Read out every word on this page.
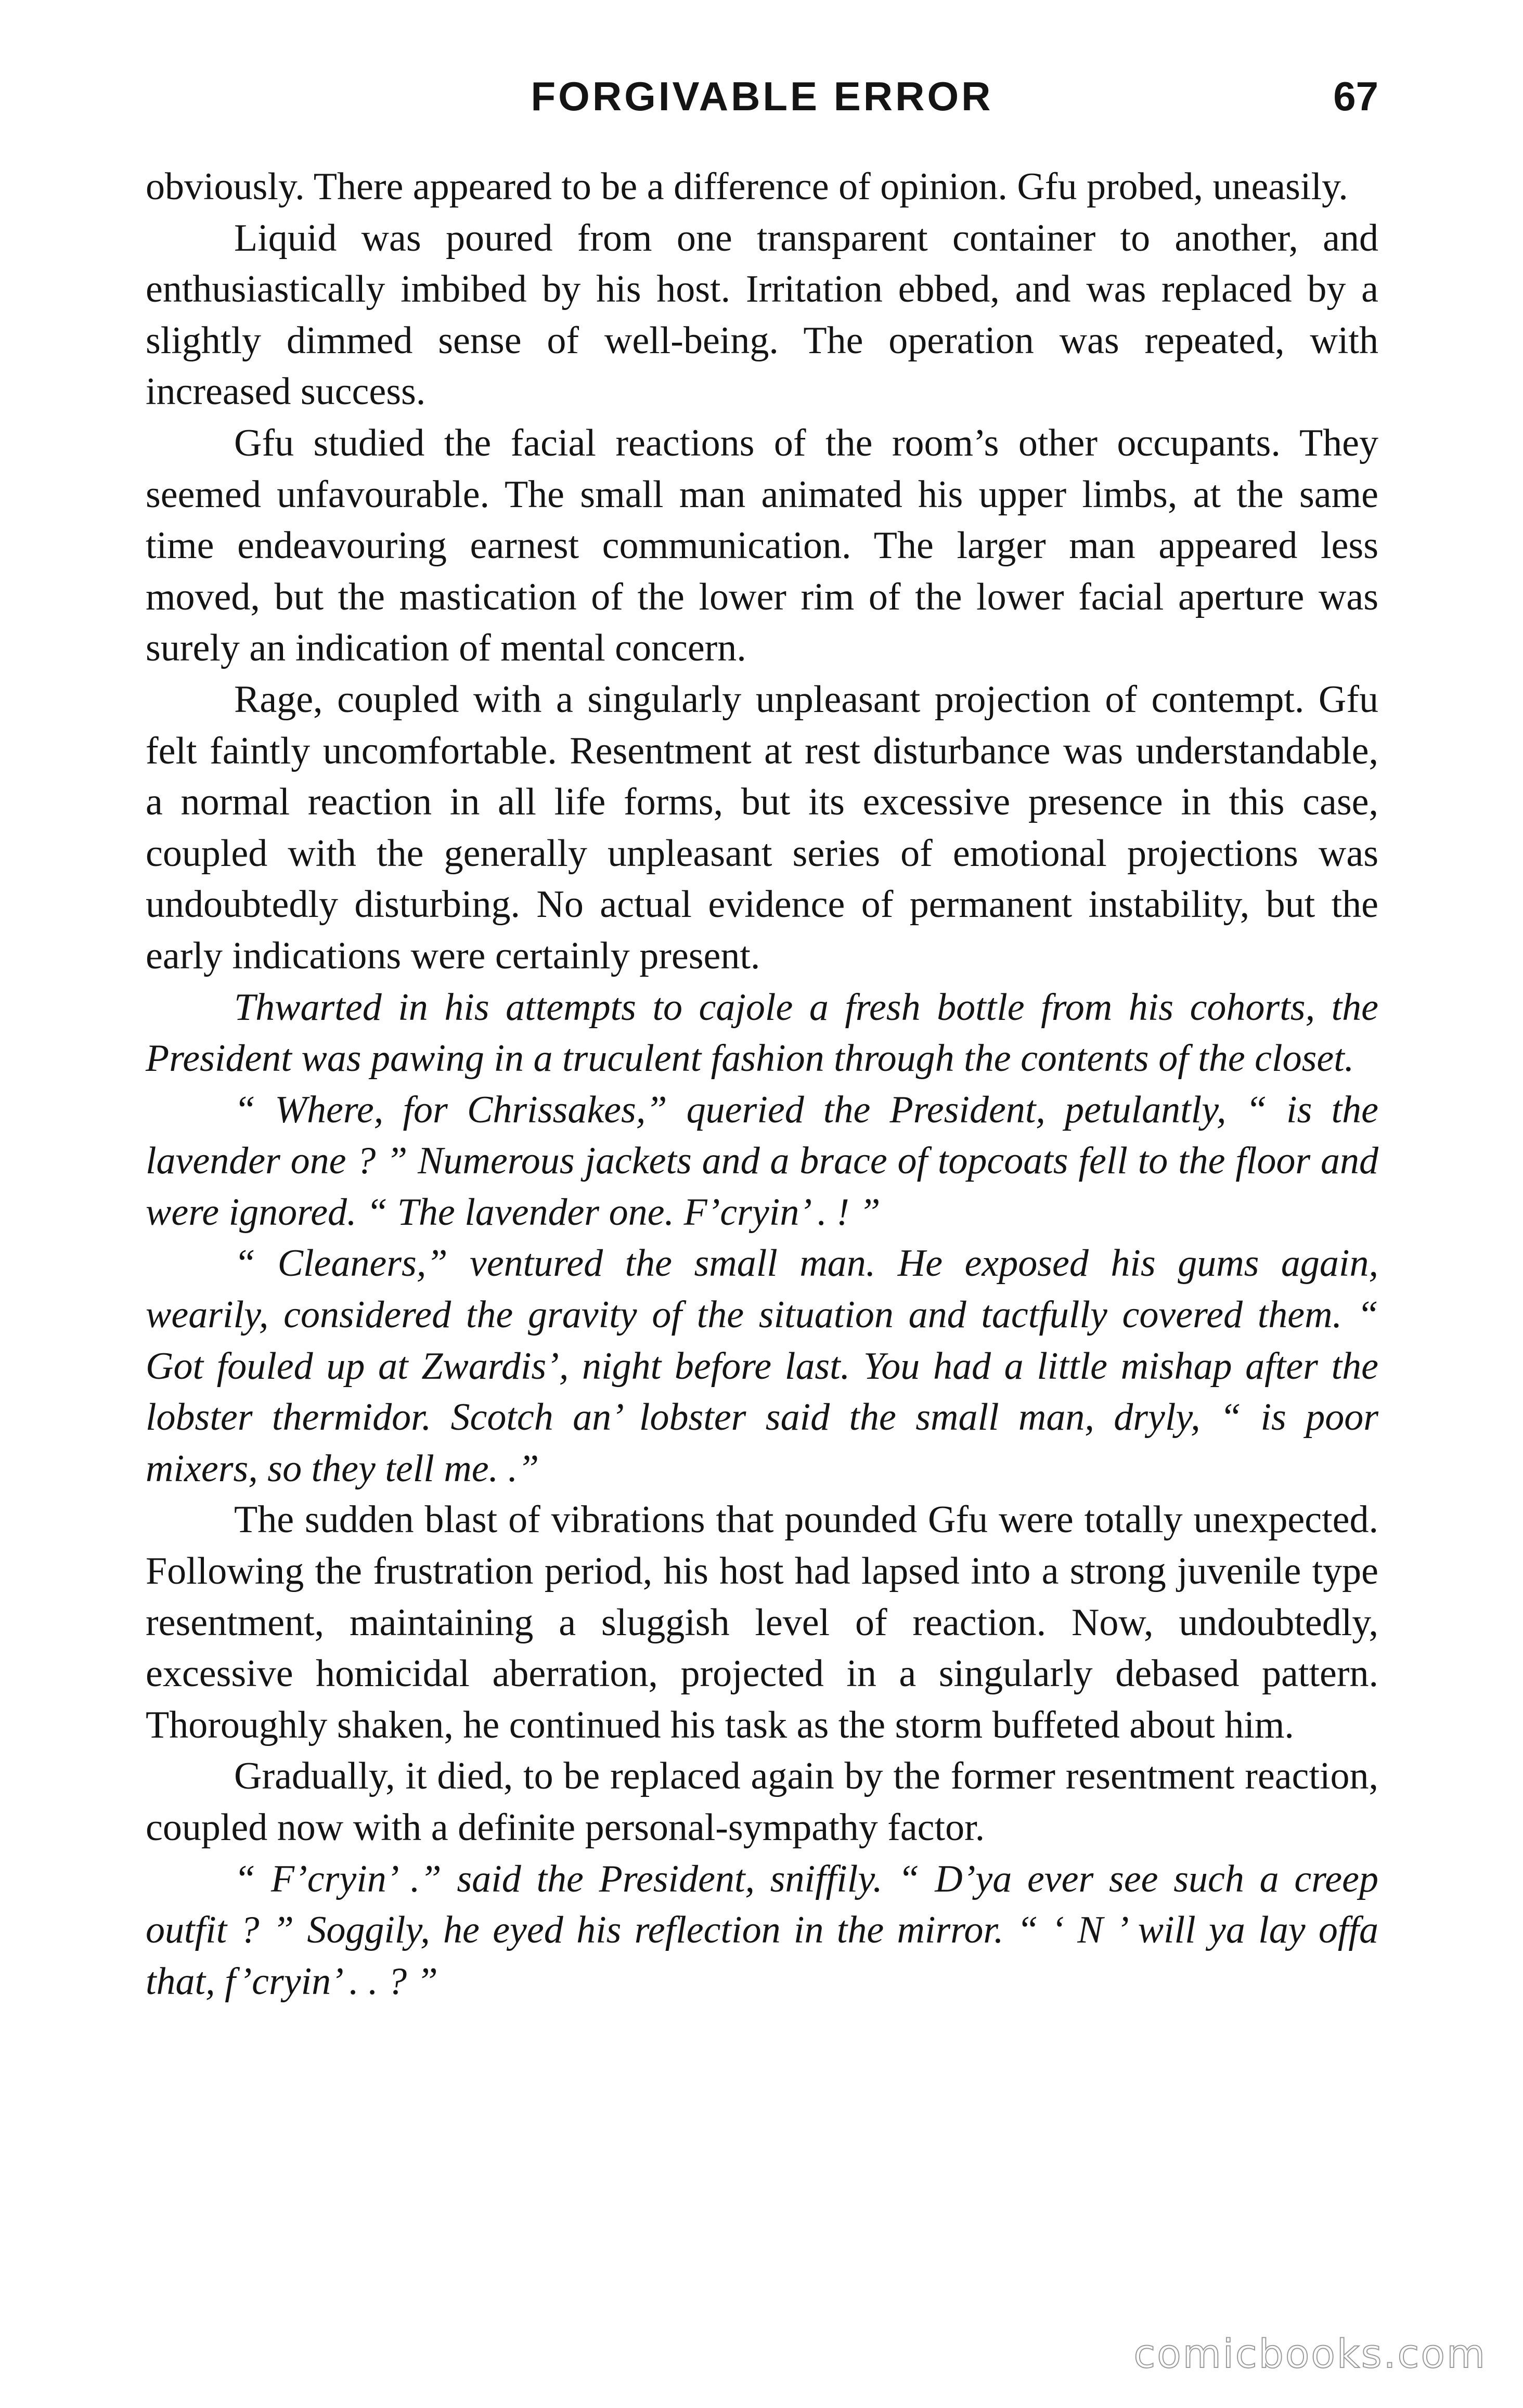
FORGIVABLE ERROR	67

obviously. There appeared to be a difference of opinion. Gfu probed, uneasily.

Liquid was poured from one transparent container to another, and enthusiastically imbibed by his host. Irritation ebbed, and was replaced by a slightly dimmed sense of well-being. The operation was repeated, with increased success.

Gfu studied the facial reactions of the room’s other occupants. They seemed unfavourable. The small man animated his upper limbs, at the same time endeavouring earnest communication. The larger man appeared less moved, but the mastication of the lower rim of the lower facial aperture was surely an indication of mental concern.

Rage, coupled with a singularly unpleasant projection of contempt. Gfu felt faintly uncomfortable. Resentment at rest disturbance was understandable, a normal reaction in all life forms, but its excessive presence in this case, coupled with the generally unpleasant series of emotional projections was undoubtedly disturbing. No actual evidence of permanent instability, but the early indications were certainly present.

Thwarted in his attempts to cajole a fresh bottle from his cohorts, the President was pawing in a truculent fashion through the contents of the closet.

“ Where, for Chrissakes,” queried the President, petulantly, “ is the lavender one ? ” Numerous jackets and a brace of topcoats fell to the floor and were ignored. “ The lavender one. F’cryin’ . ! ”

“ Cleaners,” ventured the small man. He exposed his gums again, wearily, considered the gravity of the situation and tactfully covered them. “ Got fouled up at Zwardis’, night before last. You had a little mishap after the lobster thermidor. Scotch an’ lobster said the small man, dryly, “ is poor mixers, so they tell me. .”

The sudden blast of vibrations that pounded Gfu were totally unexpected. Following the frustration period, his host had lapsed into a strong juvenile type resentment, maintaining a sluggish level of reaction. Now, undoubtedly, excessive homicidal aberration, projected in a singularly debased pattern. Thoroughly shaken, he continued his task as the storm buffeted about him.

Gradually, it died, to be replaced again by the former resentment reaction, coupled now with a definite personal-sympathy factor.

“ F’cryin’ .” said the President, sniffily. “ D’ya ever see such a creep outfit ? ” Soggily, he eyed his reflection in the mirror. “ ‘ N ’ will ya lay offa that, f’cryin’ . . ? ”

comicbooks.com
